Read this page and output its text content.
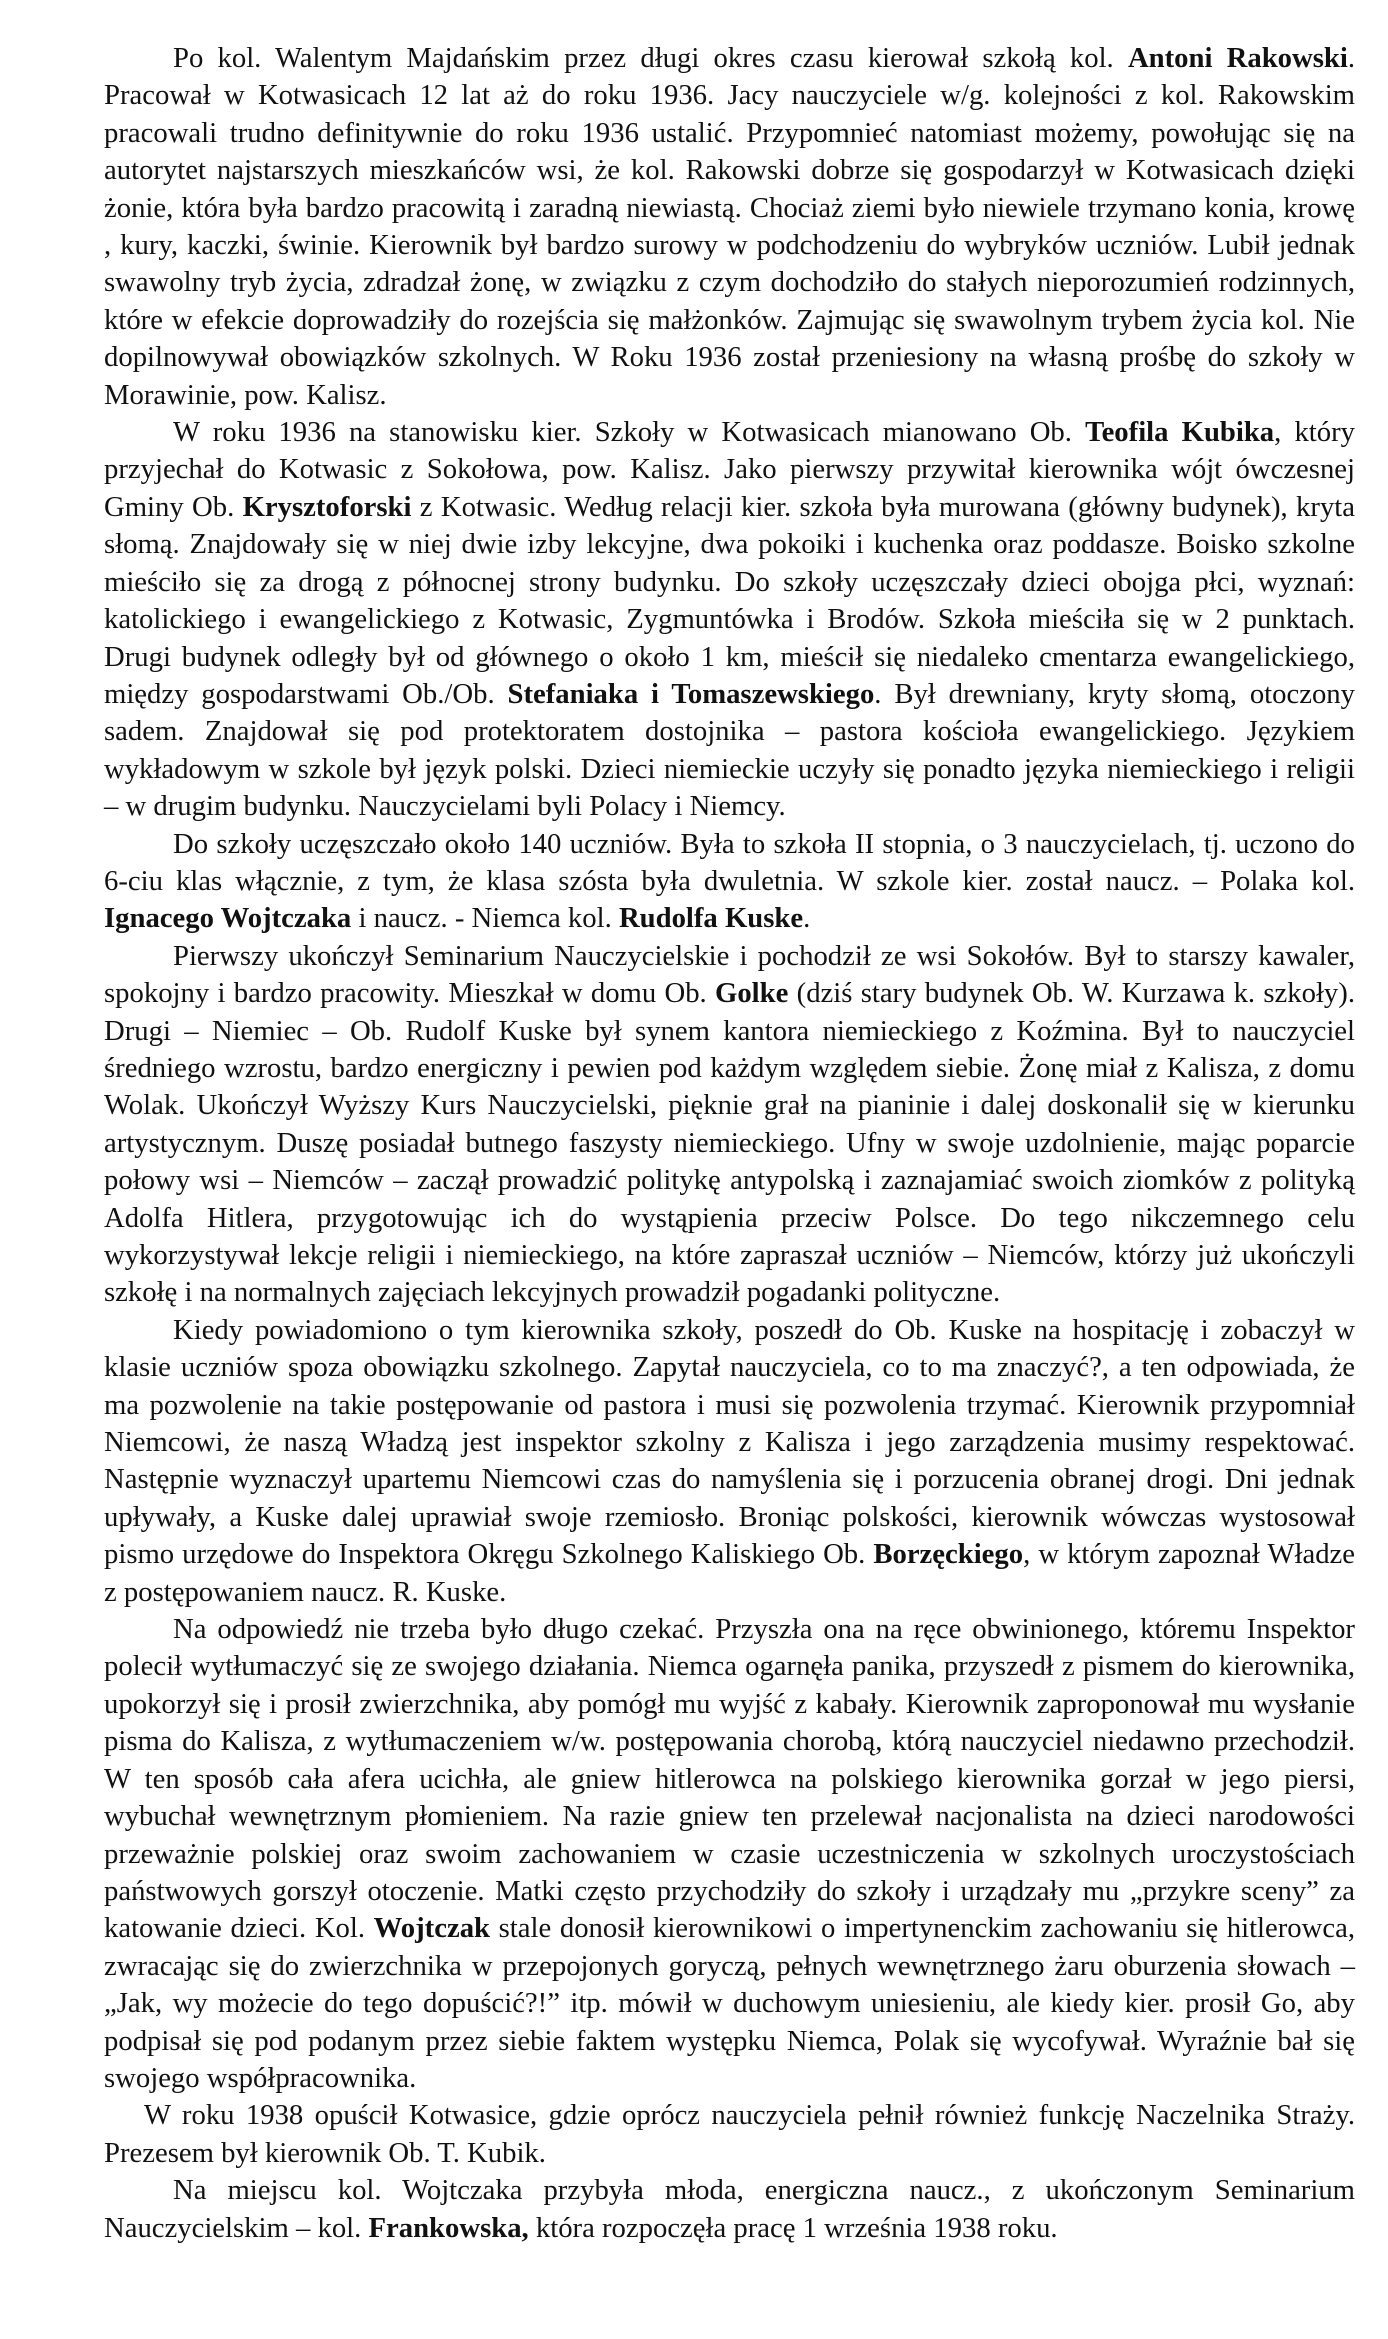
Po kol. Walentym Majdańskim przez długi okres czasu kierował szkołą kol. Antoni Rakowski. Pracował w Kotwasicach 12 lat aż do roku 1936. Jacy nauczyciele w/g. kolejności z kol. Rakowskim pracowali trudno definitywnie do roku 1936 ustalić. Przypomnieć natomiast możemy, powołując się na autorytet najstarszych mieszkańców wsi, że kol. Rakowski dobrze się gospodarzył w Kotwasicach dzięki żonie, która była bardzo pracowitą i zaradną niewiastą. Chociaż ziemi było niewiele trzymano konia, krowę , kury, kaczki, świnie. Kierownik był bardzo surowy w podchodzeniu do wybryków uczniów. Lubił jednak swawolny tryb życia, zdradzał żonę, w związku z czym dochodziło do stałych nieporozumień rodzinnych, które w efekcie doprowadziły do rozejścia się małżonków. Zajmując się swawolnym trybem życia kol. Nie dopilnowywał obowiązków szkolnych. W Roku 1936 został przeniesiony na własną prośbę do szkoły w Morawinie, pow. Kalisz.

W roku 1936 na stanowisku kier. Szkoły w Kotwasicach mianowano Ob. Teofila Kubika, który przyjechał do Kotwasic z Sokołowa, pow. Kalisz. Jako pierwszy przywitał kierownika wójt ówczesnej Gminy Ob. Krysztoforski z Kotwasic. Według relacji kier. szkoła była murowana (główny budynek), kryta słomą. Znajdowały się w niej dwie izby lekcyjne, dwa pokoiki i kuchenka oraz poddasze. Boisko szkolne mieściło się za drogą z północnej strony budynku. Do szkoły uczęszczały dzieci obojga płci, wyznań: katolickiego i ewangelickiego z Kotwasic, Zygmuntówka i Brodów. Szkoła mieściła się w 2 punktach. Drugi budynek odległy był od głównego o około 1 km, mieścił się niedaleko cmentarza ewangelickiego, między gospodarstwami Ob./Ob. Stefaniaka i Tomaszewskiego. Był drewniany, kryty słomą, otoczony sadem. Znajdował się pod protektoratem dostojnika – pastora kościoła ewangelickiego. Językiem wykładowym w szkole był język polski. Dzieci niemieckie uczyły się ponadto języka niemieckiego i religii – w drugim budynku. Nauczycielami byli Polacy i Niemcy.

Do szkoły uczęszczało około 140 uczniów. Była to szkoła II stopnia, o 3 nauczycielach, tj. uczono do 6-ciu klas włącznie, z tym, że klasa szósta była dwuletnia. W szkole kier. został naucz. – Polaka kol. Ignacego Wojtczaka i naucz. - Niemca kol. Rudolfa Kuske.

Pierwszy ukończył Seminarium Nauczycielskie i pochodził ze wsi Sokołów. Był to starszy kawaler, spokojny i bardzo pracowity. Mieszkał w domu Ob. Golke (dziś stary budynek Ob. W. Kurzawa k. szkoły). Drugi – Niemiec – Ob. Rudolf Kuske był synem kantora niemieckiego z Koźmina. Był to nauczyciel średniego wzrostu, bardzo energiczny i pewien pod każdym względem siebie. Żonę miał z Kalisza, z domu Wolak. Ukończył Wyższy Kurs Nauczycielski, pięknie grał na pianinie i dalej doskonalił się w kierunku artystycznym. Duszę posiadał butnego faszysty niemieckiego. Ufny w swoje uzdolnienie, mając poparcie połowy wsi – Niemców – zaczął prowadzić politykę antypolską i zaznajamiać swoich ziomków z polityką Adolfa Hitlera, przygotowując ich do wystąpienia przeciw Polsce. Do tego nikczemnego celu wykorzystywał lekcje religii i niemieckiego, na które zapraszał uczniów – Niemców, którzy już ukończyli szkołę i na normalnych zajęciach lekcyjnych prowadził pogadanki polityczne.

Kiedy powiadomiono o tym kierownika szkoły, poszedł do Ob. Kuske na hospitację i zobaczył w klasie uczniów spoza obowiązku szkolnego. Zapytał nauczyciela, co to ma znaczyć?, a ten odpowiada, że ma pozwolenie na takie postępowanie od pastora i musi się pozwolenia trzymać. Kierownik przypomniał Niemcowi, że naszą Władzą jest inspektor szkolny z Kalisza i jego zarządzenia musimy respektować. Następnie wyznaczył upartemu Niemcowi czas do namyślenia się i porzucenia obranej drogi. Dni jednak upływały, a Kuske dalej uprawiał swoje rzemiosło. Broniąc polskości, kierownik wówczas wystosował pismo urzędowe do Inspektora Okręgu Szkolnego Kaliskiego Ob. Borzęckiego, w którym zapoznał Władze z postępowaniem naucz. R. Kuske.

Na odpowiedź nie trzeba było długo czekać. Przyszła ona na ręce obwinionego, któremu Inspektor polecił wytłumaczyć się ze swojego działania. Niemca ogarnęła panika, przyszedł z pismem do kierownika, upokorzył się i prosił zwierzchnika, aby pomógł mu wyjść z kabały. Kierownik zaproponował mu wysłanie pisma do Kalisza, z wytłumaczeniem w/w. postępowania chorobą, którą nauczyciel niedawno przechodził. W ten sposób cała afera ucichła, ale gniew hitlerowca na polskiego kierownika gorzał w jego piersi, wybuchał wewnętrznym płomieniem. Na razie gniew ten przelewał nacjonalista na dzieci narodowości przeważnie polskiej oraz swoim zachowaniem w czasie uczestniczenia w szkolnych uroczystościach państwowych gorszył otoczenie. Matki często przychodziły do szkoły i urządzały mu „przykre sceny” za katowanie dzieci. Kol. Wojtczak stale donosił kierownikowi o impertynenckim zachowaniu się hitlerowca, zwracając się do zwierzchnika w przepojonych goryczą, pełnych wewnętrznego żaru oburzenia słowach – „Jak, wy możecie do tego dopuścić?!” itp. mówił w duchowym uniesieniu, ale kiedy kier. prosił Go, aby podpisał się pod podanym przez siebie faktem występku Niemca, Polak się wycofywał. Wyraźnie bał się swojego współpracownika.

W roku 1938 opuścił Kotwasice, gdzie oprócz nauczyciela pełnił również funkcję Naczelnika Straży. Prezesem był kierownik Ob. T. Kubik.

Na miejscu kol. Wojtczaka przybyła młoda, energiczna naucz., z ukończonym Seminarium Nauczycielskim – kol. Frankowska, która rozpoczęła pracę 1 września 1938 roku.
